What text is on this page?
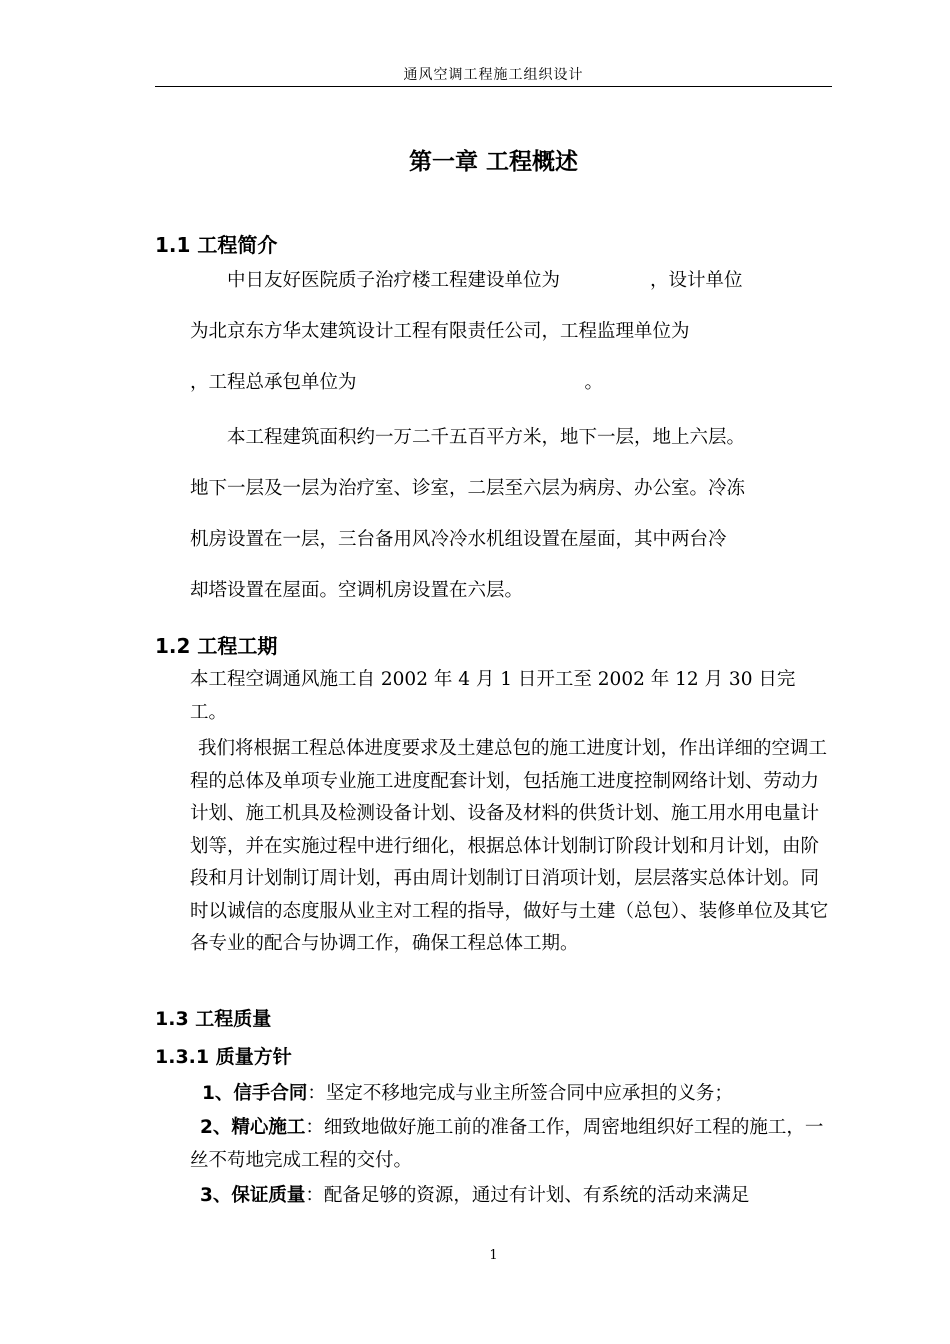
通风空调工程施工组织设计
第一章 工程概述
1.1 工程简介
中日友好医院质子治疗楼工程建设单位为	，设计单位
为北京东方华太建筑设计工程有限责任公司，工程监理单位为
，工程总承包单位为	。
本工程建筑面积约一万二千五百平方米，地下一层，地上六层。
地下一层及一层为治疗室、诊室，二层至六层为病房、办公室。冷冻
机房设置在一层，三台备用风冷冷水机组设置在屋面，其中两台冷
却塔设置在屋面。空调机房设置在六层。
1.2 工程工期

本工程空调通风施工自 2002 年 4 月 1 日开工至 2002 年 12 月 30 日完工。

我们将根据工程总体进度要求及土建总包的施工进度计划，作出详细的空调工程的总体及单项专业施工进度配套计划，包括施工进度控制网络计划、劳动力计划、施工机具及检测设备计划、设备及材料的供货计划、施工用水用电量计划等，并在实施过程中进行细化，根据总体计划制订阶段计划和月计划，由阶段和月计划制订周计划，再由周计划制订日消项计划，层层落实总体计划。同时以诚信的态度服从业主对工程的指导，做好与土建（总包）、装修单位及其它各专业的配合与协调工作，确保工程总体工期。

1.3 工程质量
1.3.1 质量方针

1、信手合同：坚定不移地完成与业主所签合同中应承担的义务；

2、精心施工：细致地做好施工前的准备工作，周密地组织好工程的施工，一丝不苟地完成工程的交付。

3、保证质量：配备足够的资源，通过有计划、有系统的活动来满足

1
